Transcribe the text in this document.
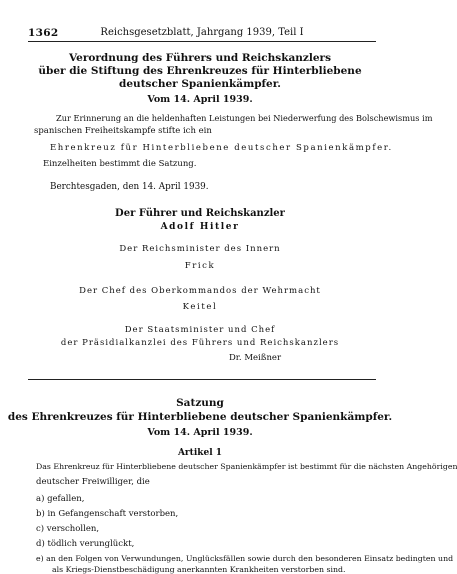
1362	Reichsgesetzblatt, Jahrgang 1939, Teil I
Verordnung des Führers und Reichskanzlers
über die Stiftung des Ehrenkreuzes für Hinterbliebene
deutscher Spanienkämpfer.
Vom 14. April 1939.
Zur Erinnerung an die heldenhaften Leistungen bei Niederwerfung des Bolschewismus im
spanischen Freiheitskampfe stifte ich ein
Ehrenkreuz für Hinterbliebene deutscher Spanienkämpfer.
Einzelheiten bestimmt die Satzung.
Berchtesgaden, den 14. April 1939.
Der Führer und Reichskanzler
Adolf Hitler
Der Reichsminister des Innern
Frick
Der Chef des Oberkommandos der Wehrmacht
Keitel
Der Staatsminister und Chef
der Präsidialkanzlei des Führers und Reichskanzlers
Dr. Meißner
Satzung
des Ehrenkreuzes für Hinterbliebene deutscher Spanienkämpfer.
Vom 14. April 1939.
Artikel 1
Das Ehrenkreuz für Hinterbliebene deutscher Spanienkämpfer ist bestimmt für die nächsten Angehörigen
deutscher Freiwilliger, die
a) gefallen,
b) in Gefangenschaft verstorben,
c) verschollen,
d) tödlich verunglückt,
e) an den Folgen von Verwundungen, Unglücksfällen sowie durch den besonderen Einsatz bedingten und
als Kriegs-Dienstbeschädigung anerkannten Krankheiten verstorben sind.
